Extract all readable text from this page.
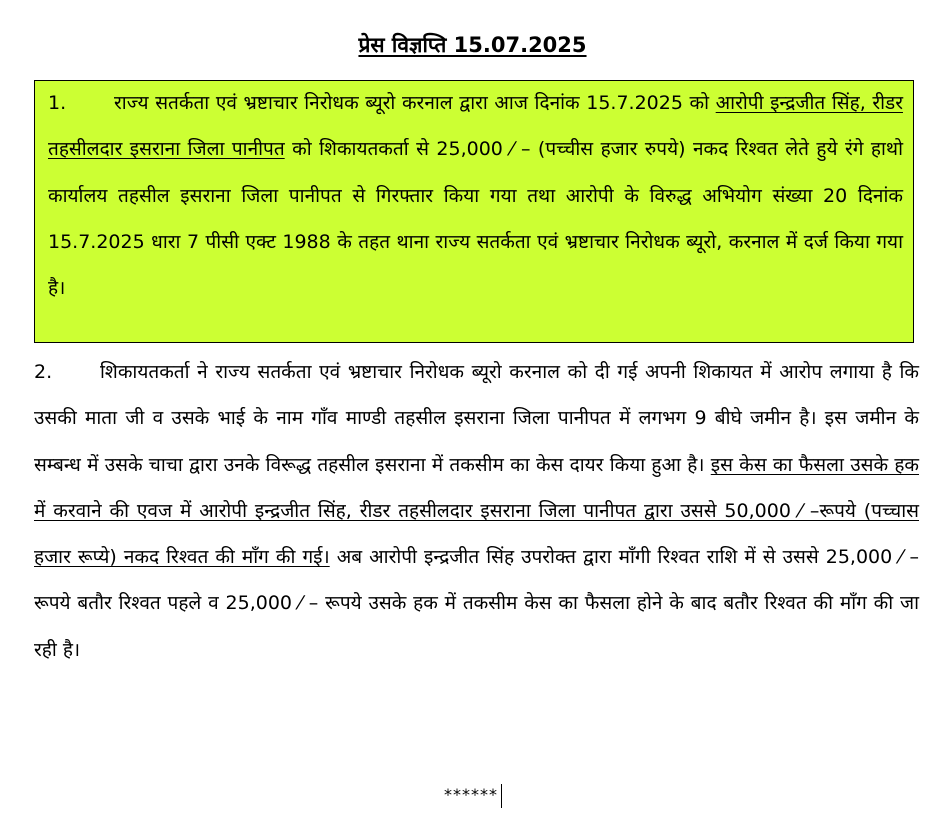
प्रेस विज्ञप्ति 15.07.2025
1.	राज्य सतर्कता एवं भ्रष्टाचार निरोधक ब्यूरो करनाल द्वारा आज दिनांक 15.7.2025 को आरोपी इन्द्रजीत सिंह, रीडर तहसीलदार इसराना जिला पानीपत को शिकायतकर्ता से 25,000 ⁄ – (पच्चीस हजार रुपये) नकद रिश्वत लेते हुये रंगे हाथो कार्यालय तहसील इसराना जिला पानीपत से गिरफ्तार किया गया तथा आरोपी के विरुद्ध अभियोग संख्या 20 दिनांक 15.7.2025 धारा 7 पीसी एक्ट 1988 के तहत थाना राज्य सतर्कता एवं भ्रष्टाचार निरोधक ब्यूरो, करनाल में दर्ज किया गया है।
2.	शिकायतकर्ता ने राज्य सतर्कता एवं भ्रष्टाचार निरोधक ब्यूरो करनाल को दी गई अपनी शिकायत में आरोप लगाया है कि उसकी माता जी व उसके भाई के नाम गॉंव माण्डी तहसील इसराना जिला पानीपत में लगभग 9 बीघे जमीन है। इस जमीन के सम्बन्ध में उसके चाचा द्वारा उनके विरूद्ध तहसील इसराना में तकसीम का केस दायर किया हुआ है। इस केस का फैसला उसके हक में करवाने की एवज में आरोपी इन्द्रजीत सिंह, रीडर तहसीलदार इसराना जिला पानीपत द्वारा उससे 50,000 ⁄ –रूपये (पच्चास हजार रूप्ये) नकद रिश्वत की मॉंग की गई। अब आरोपी इन्द्रजीत सिंह उपरोक्त द्वारा मॉंगी रिश्वत राशि में से उससे 25,000 ⁄ – रूपये बतौर रिश्वत पहले व 25,000 ⁄ – रूपये उसके हक में तकसीम केस का फैसला होने के बाद बतौर रिश्वत की मॉंग की जा रही है।
******
